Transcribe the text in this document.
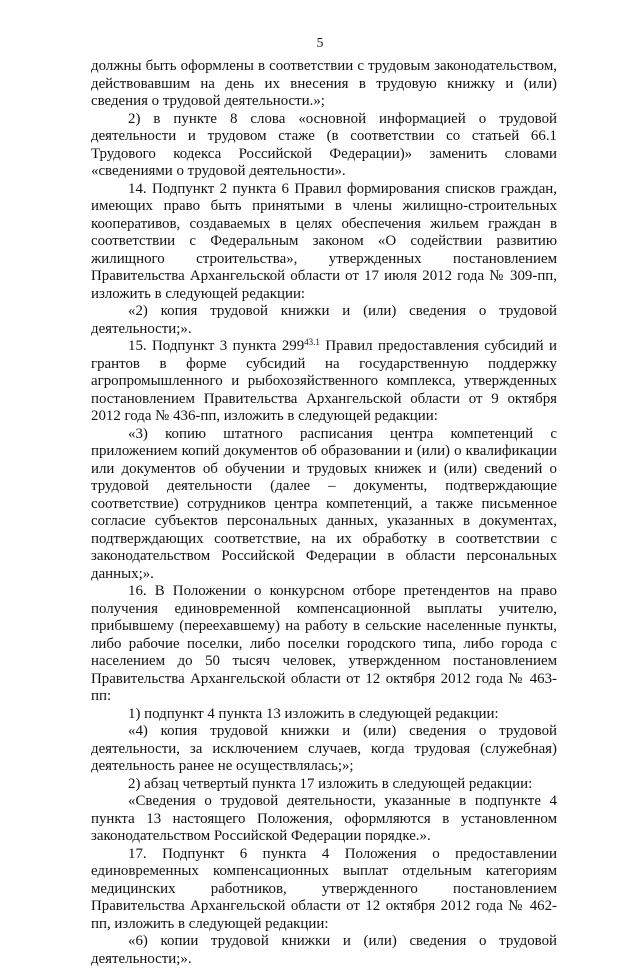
5

должны быть оформлены в соответствии с трудовым законодательством, действовавшим на день их внесения в трудовую книжку и (или) сведения о трудовой деятельности.»;

2) в пункте 8 слова «основной информацией о трудовой деятельности и трудовом стаже (в соответствии со статьей 66.1 Трудового кодекса Российской Федерации)» заменить словами «сведениями о трудовой деятельности».

14. Подпункт 2 пункта 6 Правил формирования списков граждан, имеющих право быть принятыми в члены жилищно-строительных кооперативов, создаваемых в целях обеспечения жильем граждан в соответствии с Федеральным законом «О содействии развитию жилищного строительства», утвержденных постановлением Правительства Архангельской области от 17 июля 2012 года № 309-пп, изложить в следующей редакции:

«2) копия трудовой книжки и (или) сведения о трудовой деятельности;».

15. Подпункт 3 пункта $299^{43.1}$ Правил предоставления субсидий и грантов в форме субсидий на государственную поддержку агропромышленного и рыбохозяйственного комплекса, утвержденных постановлением Правительства Архангельской области от 9 октября 2012 года № 436-пп, изложить в следующей редакции:

«3) копию штатного расписания центра компетенций с приложением копий документов об образовании и (или) о квалификации или документов об обучении и трудовых книжек и (или) сведений о трудовой деятельности (далее – документы, подтверждающие соответствие) сотрудников центра компетенций, а также письменное согласие субъектов персональных данных, указанных в документах, подтверждающих соответствие, на их обработку в соответствии с законодательством Российской Федерации в области персональных данных;».

16. В Положении о конкурсном отборе претендентов на право получения единовременной компенсационной выплаты учителю, прибывшему (переехавшему) на работу в сельские населенные пункты, либо рабочие поселки, либо поселки городского типа, либо города с населением до 50 тысяч человек, утвержденном постановлением Правительства Архангельской области от 12 октября 2012 года № 463-пп:

1) подпункт 4 пункта 13 изложить в следующей редакции:

«4) копия трудовой книжки и (или) сведения о трудовой деятельности, за исключением случаев, когда трудовая (служебная) деятельность ранее не осуществлялась;»;

2) абзац четвертый пункта 17 изложить в следующей редакции:

«Сведения о трудовой деятельности, указанные в подпункте 4 пункта 13 настоящего Положения, оформляются в установленном законодательством Российской Федерации порядке.».

17. Подпункт 6 пункта 4 Положения о предоставлении единовременных компенсационных выплат отдельным категориям медицинских работников, утвержденного постановлением Правительства Архангельской области от 12 октября 2012 года № 462-пп, изложить в следующей редакции:

«6) копии трудовой книжки и (или) сведения о трудовой деятельности;».
